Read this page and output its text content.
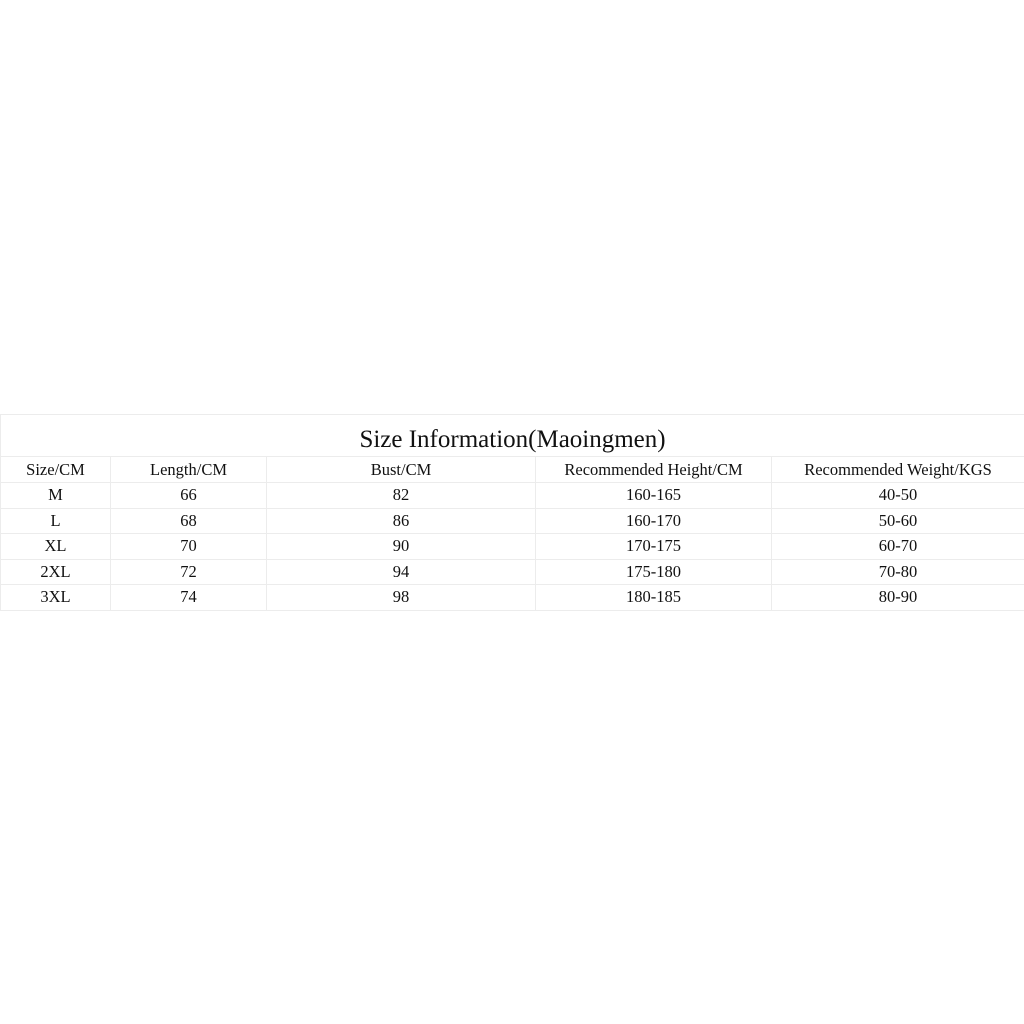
Size Information(Maoingmen)				
Size/CM	Length/CM	Bust/CM	Recommended Height/CM	Recommended Weight/KGS
M	66	82	160-165	40-50
L	68	86	160-170	50-60
XL	70	90	170-175	60-70
2XL	72	94	175-180	70-80
3XL	74	98	180-185	80-90
